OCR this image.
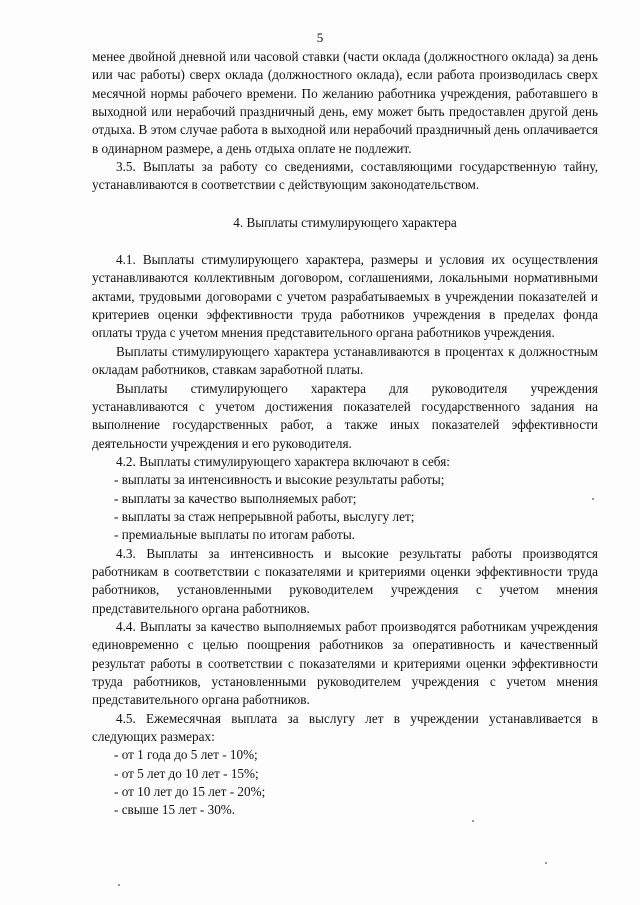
5

менее двойной дневной или часовой ставки (части оклада (должностного оклада) за день или час работы) сверх оклада (должностного оклада), если работа производилась сверх месячной нормы рабочего времени. По желанию работника учреждения, работавшего в выходной или нерабочий праздничный день, ему может быть предоставлен другой день отдыха. В этом случае работа в выходной или нерабочий праздничный день оплачивается в одинарном размере, а день отдыха оплате не подлежит.

3.5. Выплаты за работу со сведениями, составляющими государственную тайну, устанавливаются в соответствии с действующим законодательством.

4. Выплаты стимулирующего характера

4.1. Выплаты стимулирующего характера, размеры и условия их осуществления устанавливаются коллективным договором, соглашениями, локальными нормативными актами, трудовыми договорами с учетом разрабатываемых в учреждении показателей и критериев оценки эффективности труда работников учреждения в пределах фонда оплаты труда с учетом мнения представительного органа работников учреждения.

Выплаты стимулирующего характера устанавливаются в процентах к должностным окладам работников, ставкам заработной платы.

Выплаты стимулирующего характера для руководителя учреждения устанавливаются с учетом достижения показателей государственного задания на выполнение государственных работ, а также иных показателей эффективности деятельности учреждения и его руководителя.

4.2. Выплаты стимулирующего характера включают в себя:

- выплаты за интенсивность и высокие результаты работы;

- выплаты за качество выполняемых работ;

- выплаты за стаж непрерывной работы, выслугу лет;

- премиальные выплаты по итогам работы.

4.3. Выплаты за интенсивность и высокие результаты работы производятся работникам в соответствии с показателями и критериями оценки эффективности труда работников, установленными руководителем учреждения с учетом мнения представительного органа работников.

4.4. Выплаты за качество выполняемых работ производятся работникам учреждения единовременно с целью поощрения работников за оперативность и качественный результат работы в соответствии с показателями и критериями оценки эффективности труда работников, установленными руководителем учреждения с учетом мнения представительного органа работников.

4.5. Ежемесячная выплата за выслугу лет в учреждении устанавливается в следующих размерах:

- от 1 года до 5 лет - 10%;

- от 5 лет до 10 лет - 15%;

- от 10 лет до 15 лет - 20%;

- свыше 15 лет - 30%.
